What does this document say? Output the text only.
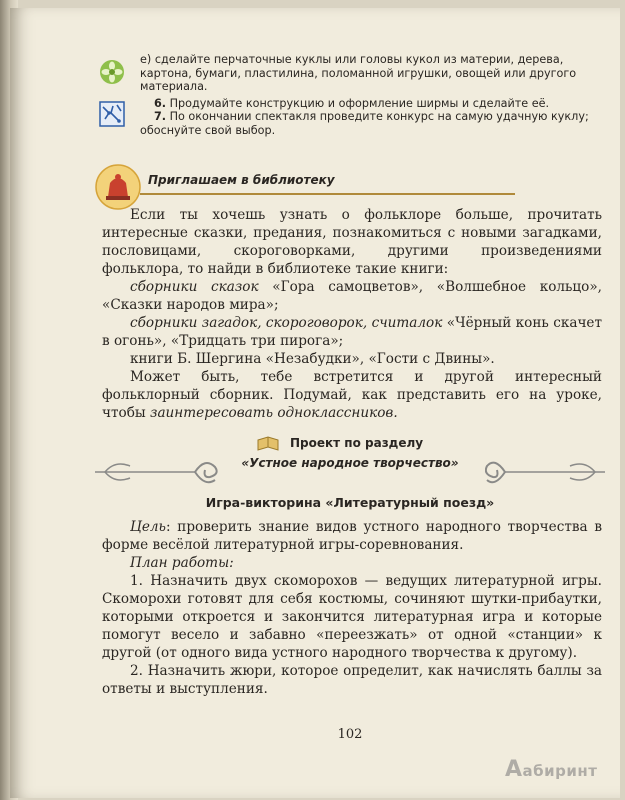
е) сделайте перчаточные куклы или головы кукол из материи, дерева, картона, бумаги, пластилина, поломанной игрушки, овощей или другого материала.

6. Продумайте конструкцию и оформление ширмы и сделайте её.

7. По окончании спектакля проведите конкурс на самую удачную куклу; обоснуйте свой выбор.

Приглашаем в библиотеку

Если ты хочешь узнать о фольклоре больше, прочитать интересные сказки, предания, познакомиться с новыми загадками, пословицами, скороговорками, другими произведениями фольклора, то найди в библиотеке такие книги:

сборники сказок «Гора самоцветов», «Волшебное кольцо», «Сказки народов мира»;

сборники загадок, скороговорок, считалок «Чёрный конь скачет в огонь», «Тридцать три пирога»;

книги Б. Шергина «Незабудки», «Гости с Двины».

Может быть, тебе встретится и другой интересный фольклорный сборник. Подумай, как представить его на уроке, чтобы заинтересовать одноклассников.

Проект по разделу
«Устное народное творчество»
Игра-викторина «Литературный поезд»

Цель: проверить знание видов устного народного творчества в форме весёлой литературной игры-соревнования.

План работы:

1. Назначить двух скоморохов — ведущих литературной игры. Скоморохи готовят для себя костюмы, сочиняют шутки-прибаутки, которыми откроется и закончится литературная игра и которые помогут весело и забавно «переезжать» от одной «станции» к другой (от одного вида устного народного творчества к другому).

2. Назначить жюри, которое определит, как начислять баллы за ответы и выступления.

102
Aабиринт
